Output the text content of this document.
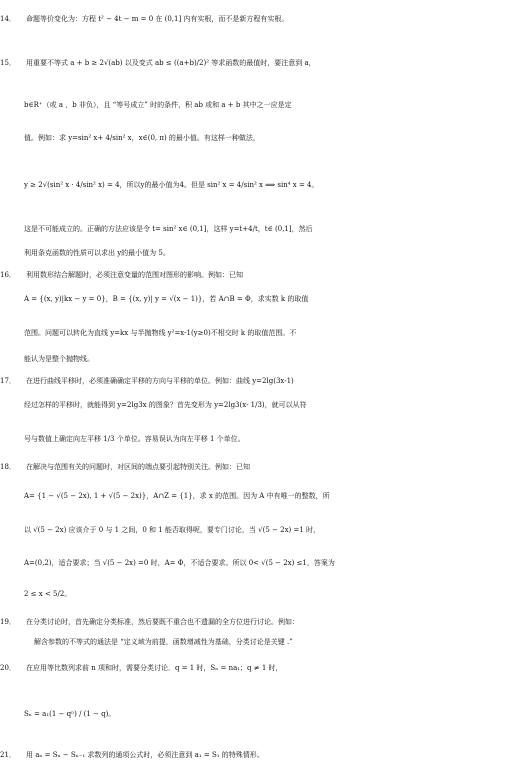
14． 命题等价变化为：方程 t² − 4t − m = 0 在 (0,1] 内有实根，而不是新方程有实根。
15． 用重要不等式 a + b ≥ 2√(ab) 以及变式 ab ≤ ((a+b)/2)² 等求函数的最值时，要注意到 a，
b∈R⁺（或 a ，b 非负），且 “等号成立” 时的条件，积 ab 或和 a + b 其中之一应是定
值。例如：求 y=sin² x+ 4/sin² x，x∈(0, π) 的最小值。有这样一种做法，
y ≥ 2√(sin² x · 4/sin² x) = 4，所以y的最小值为4。但是 sin² x = 4/sin² x ⟹ sin⁴ x = 4。
这是不可能成立的。正确的方法应该是令 t= sin² x∈ (0,1]，这样 y=t+4/t，t∈ (0,1]，然后
利用条克函数的性质可以求出 y的最小值为 5。
16． 利用数形结合解题时，必须注意变量的范围对图形的影响。例如：已知
A = {(x, y)|kx − y = 0}，B = {(x, y)| y = √(x − 1)}，若 A∩B = Φ，求实数 k 的取值
范围。问题可以转化为直线 y=kx 与半抛物线 y²=x-1(y≥0)不相交时 k 的取值范围。不
能认为是整个抛物线。
17． 在进行曲线平移时，必须准确确定平移的方向与平移的单位。例如：曲线 y=2lg(3x-1)
经过怎样的平移时，就能得到 y=2lg3x 的图象？首先变形为 y=2lg3(x- 1/3)，就可以从符
号与数值上确定向左平移 1/3 个单位。容易误认为向左平移 1 个单位。
18． 在解决与范围有关的问题时，对区间的端点要引起特别关注。例如：已知
A= {1 − √(5 − 2x), 1 + √(5 − 2x)}，A∩Z = {1}，求 x 的范围。因为 A 中有唯一的整数，所
以 √(5 − 2x) 应该介于 0 与 1 之间，0 和 1 能否取得呢，要专门讨论，当 √(5 − 2x) =1 时，
A=(0,2)，适合要求；当 √(5 − 2x) =0 时，A= Φ，不适合要求。所以 0< √(5 − 2x) ≤1，答案为
2 ≤ x < 5/2。
19． 在分类讨论时，首先确定分类标准，然后要既不重合也不遗漏的全方位进行讨论。例如：
解含参数的不等式的通法是 “定义域为前提，函数增减性为基础，分类讨论是关键 .”
20． 在应用等比数列求前 n 项和时，需要分类讨论．q = 1 时，Sₙ = na₁；q ≠ 1 时，
Sₙ = a₁(1 − qⁿ) / (1 − q)。
21． 用 aₙ = Sₙ − Sₙ₋₁ 求数列的通项公式时，必须注意到 a₁ = S₁ 的特殊情形。
